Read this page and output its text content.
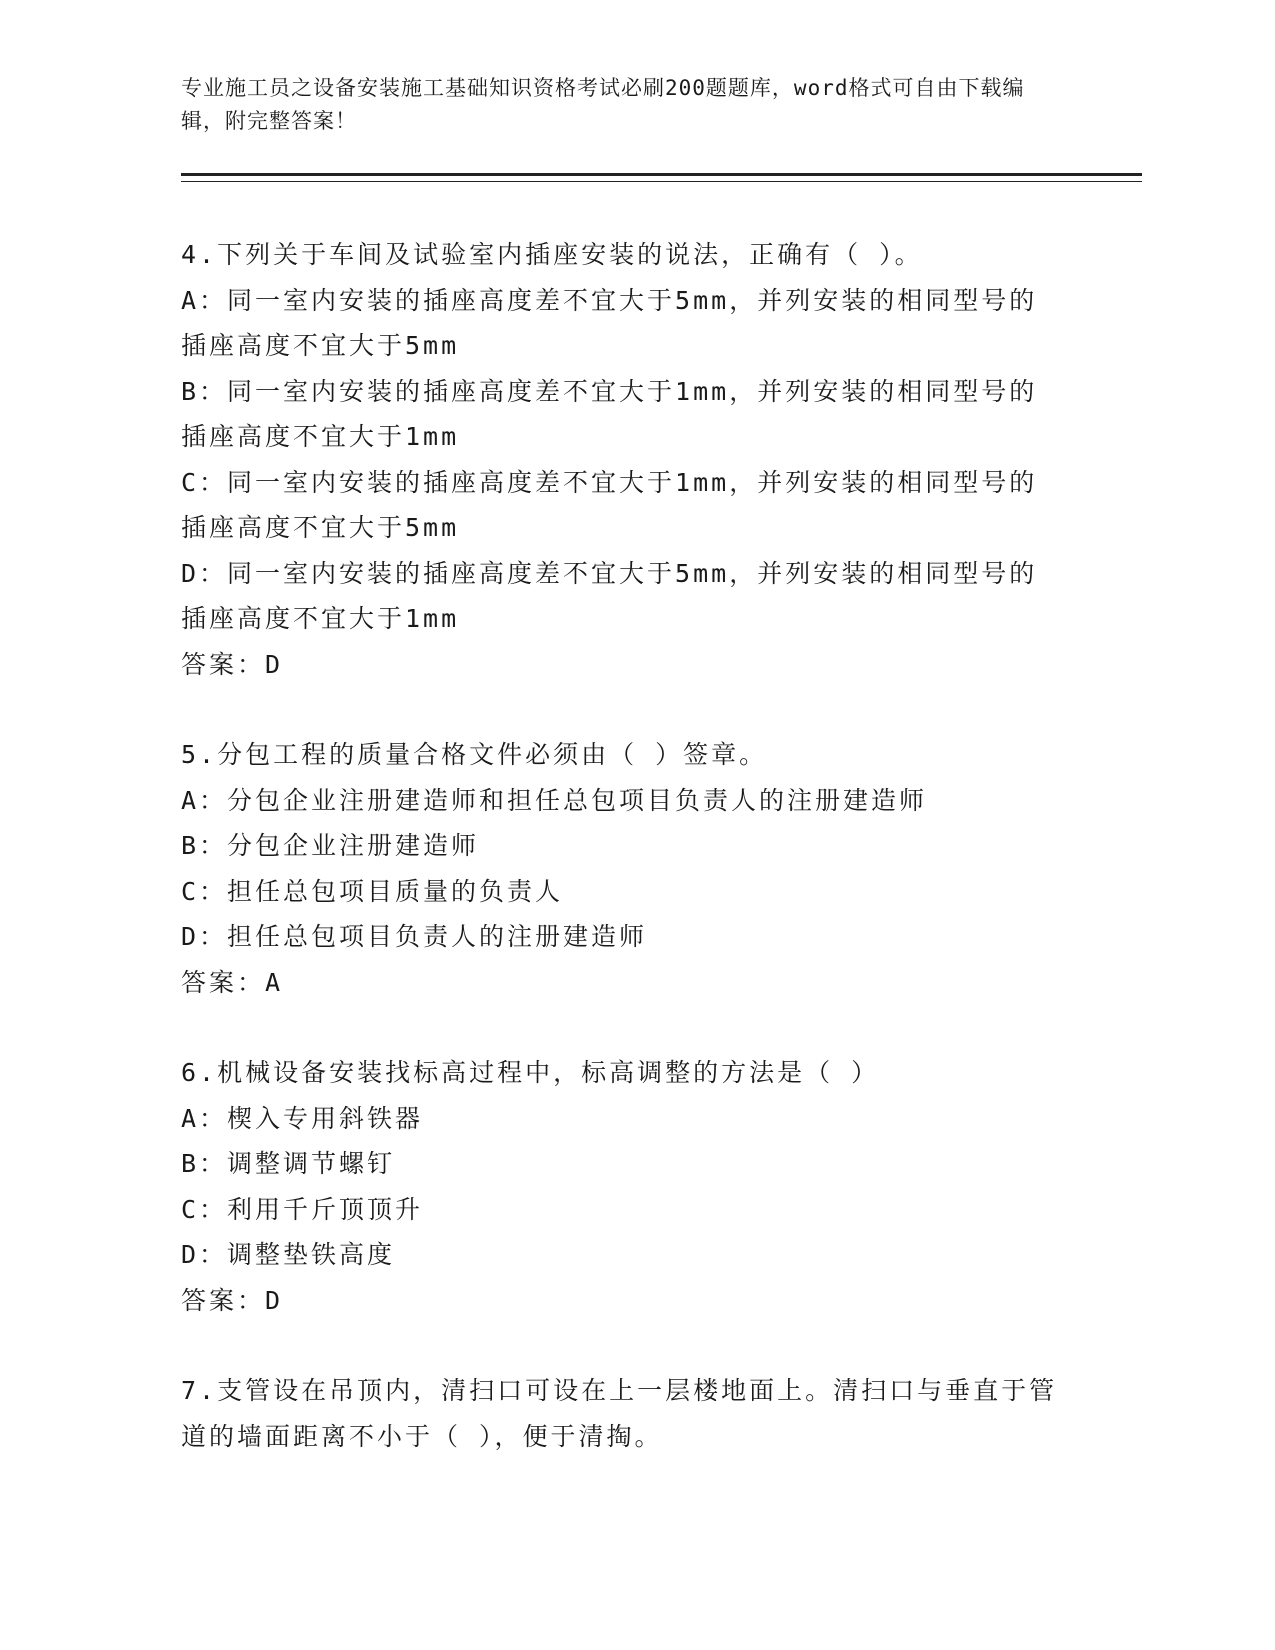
专业施工员之设备安装施工基础知识资格考试必刷200题题库，word格式可自由下载编辑，附完整答案！
4.下列关于车间及试验室内插座安装的说法，正确有（ ）。
A：同一室内安装的插座高度差不宜大于5mm，并列安装的相同型号的插座高度不宜大于5mm
B：同一室内安装的插座高度差不宜大于1mm，并列安装的相同型号的插座高度不宜大于1mm
C：同一室内安装的插座高度差不宜大于1mm，并列安装的相同型号的插座高度不宜大于5mm
D：同一室内安装的插座高度差不宜大于5mm，并列安装的相同型号的插座高度不宜大于1mm
答案：D
5.分包工程的质量合格文件必须由（ ）签章。
A：分包企业注册建造师和担任总包项目负责人的注册建造师
B：分包企业注册建造师
C：担任总包项目质量的负责人
D：担任总包项目负责人的注册建造师
答案：A
6.机械设备安装找标高过程中，标高调整的方法是（ ）
A：楔入专用斜铁器
B：调整调节螺钉
C：利用千斤顶顶升
D：调整垫铁高度
答案：D
7.支管设在吊顶内，清扫口可设在上一层楼地面上。清扫口与垂直于管道的墙面距离不小于（ ），便于清掏。
